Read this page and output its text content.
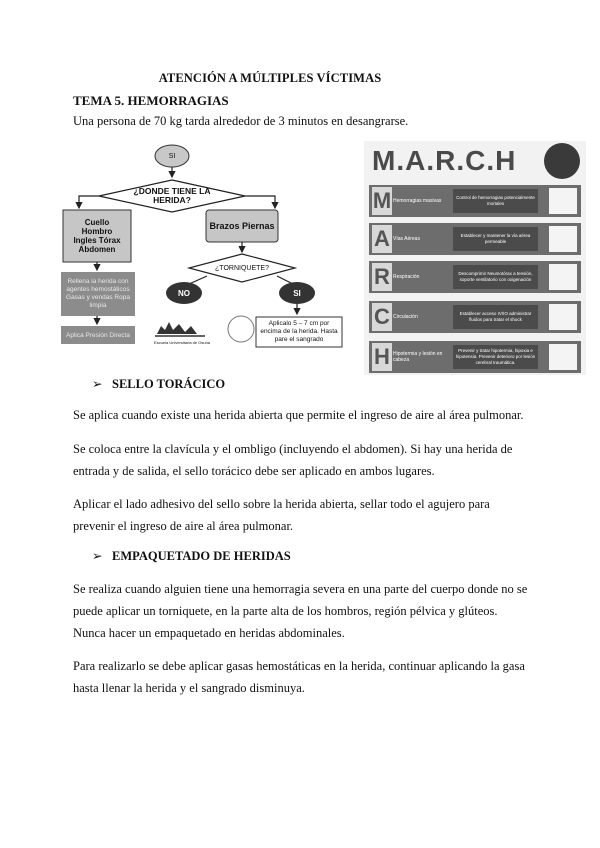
ATENCIÓN A MÚLTIPLES VÍCTIMAS
TEMA 5. HEMORRAGIAS
Una persona de 70 kg tarda alrededor de 3 minutos en desangrarse.
SI
¿DONDE TIENE LA HERIDA?
Cuello Hombro Ingles Tórax Abdomen
Brazos Piernas
¿TORNIQUETE?
NO	SI
Rellena la herida con agentes hemostáticos Gasas y vendas Ropa limpia
Aplica Presión Directa
Aplicalo 5 – 7 cm por encima de la herida. Hasta pare el sangrado
Escuela Universitaria de Osuna
M.A.R.C.H
M Hemorragias masivas
Control de hemorragias potencialmente mortales
A Vías Aéreas
Establecer y mantener la vía aérea permeable
R Respiración
Descomprimir Neumotórax a tensión, soporte ventilatorio con oxigenación
C Circulación
Establecer acceso IV/IO administrar fluidos para tratar el shock
H Hipotermia y lesión en cabeza
Prevenir y tratar hipotermia, hipoxia e hipotensia. Prevenir deterioro por lesión cerebral traumática.
➢ SELLO TORÁCICO
Se aplica cuando existe una herida abierta que permite el ingreso de aire al área pulmonar.
Se coloca entre la clavícula y el ombligo (incluyendo el abdomen). Si hay una herida de entrada y de salida, el sello torácico debe ser aplicado en ambos lugares.
Aplicar el lado adhesivo del sello sobre la herida abierta, sellar todo el agujero para prevenir el ingreso de aire al área pulmonar.
➢ EMPAQUETADO DE HERIDAS
Se realiza cuando alguien tiene una hemorragia severa en una parte del cuerpo donde no se puede aplicar un torniquete, en la parte alta de los hombros, región pélvica y glúteos. Nunca hacer un empaquetado en heridas abdominales.
Para realizarlo se debe aplicar gasas hemostáticas en la herida, continuar aplicando la gasa hasta llenar la herida y el sangrado disminuya.
